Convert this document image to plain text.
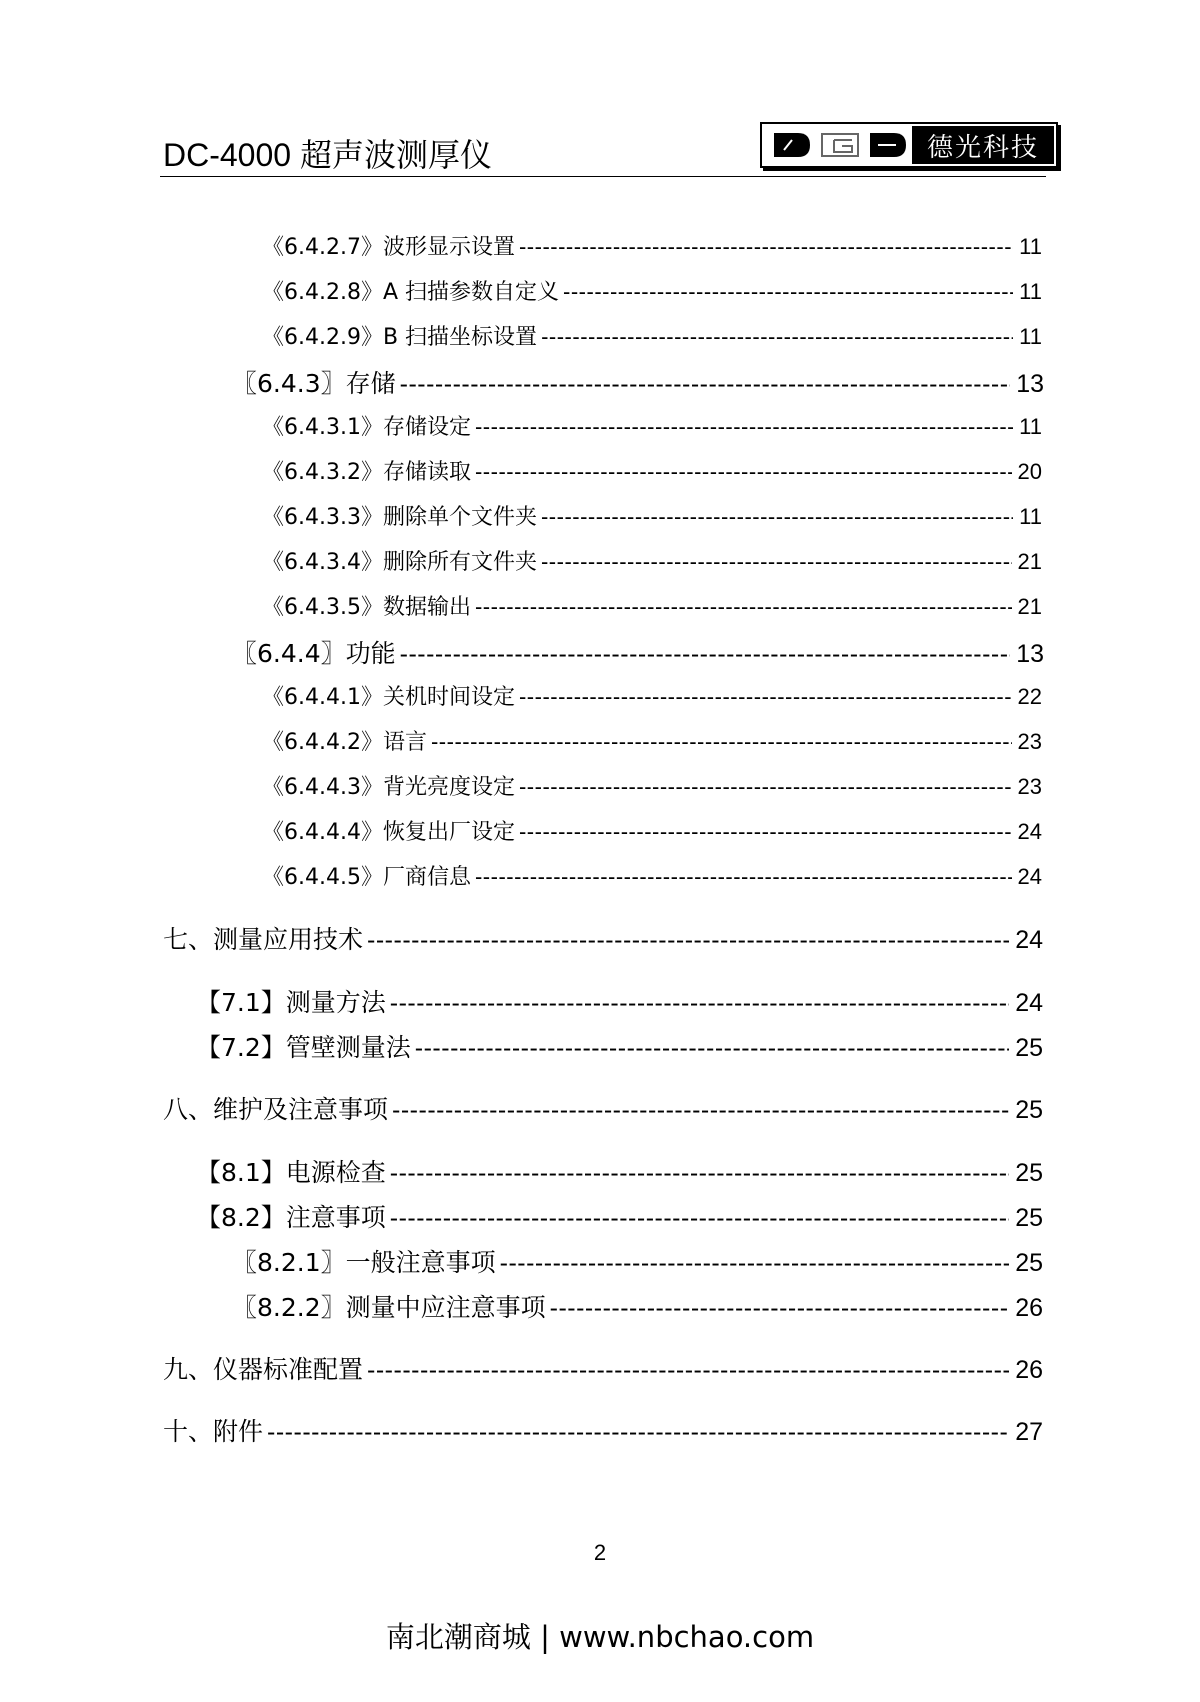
DC-4000 超声波测厚仪	德光科技
《6.4.2.7》波形显示设置 -----	11
《6.4.2.8》A 扫描参数自定义 -----	11
《6.4.2.9》B 扫描坐标设置 -----	11
〖6.4.3〗存储 -----	13
《6.4.3.1》存储设定 -----	11
《6.4.3.2》存储读取 -----	20
《6.4.3.3》删除单个文件夹 -----	11
《6.4.3.4》删除所有文件夹 -----	21
《6.4.3.5》数据输出 -----	21
〖6.4.4〗功能 -----	13
《6.4.4.1》关机时间设定 -----	22
《6.4.4.2》语言 -----	23
《6.4.4.3》背光亮度设定 -----	23
《6.4.4.4》恢复出厂设定 -----	24
《6.4.4.5》厂商信息 -----	24
七、测量应用技术 -----	24
【7.1】测量方法 -----	24
【7.2】管壁测量法 -----	25
八、维护及注意事项 -----	25
【8.1】电源检查 -----	25
【8.2】注意事项 -----	25
〖8.2.1〗一般注意事项 -----	25
〖8.2.2〗测量中应注意事项 -----	26
九、仪器标准配置 -----	26
十、附件 -----	27
2
南北潮商城 | www.nbchao.com
